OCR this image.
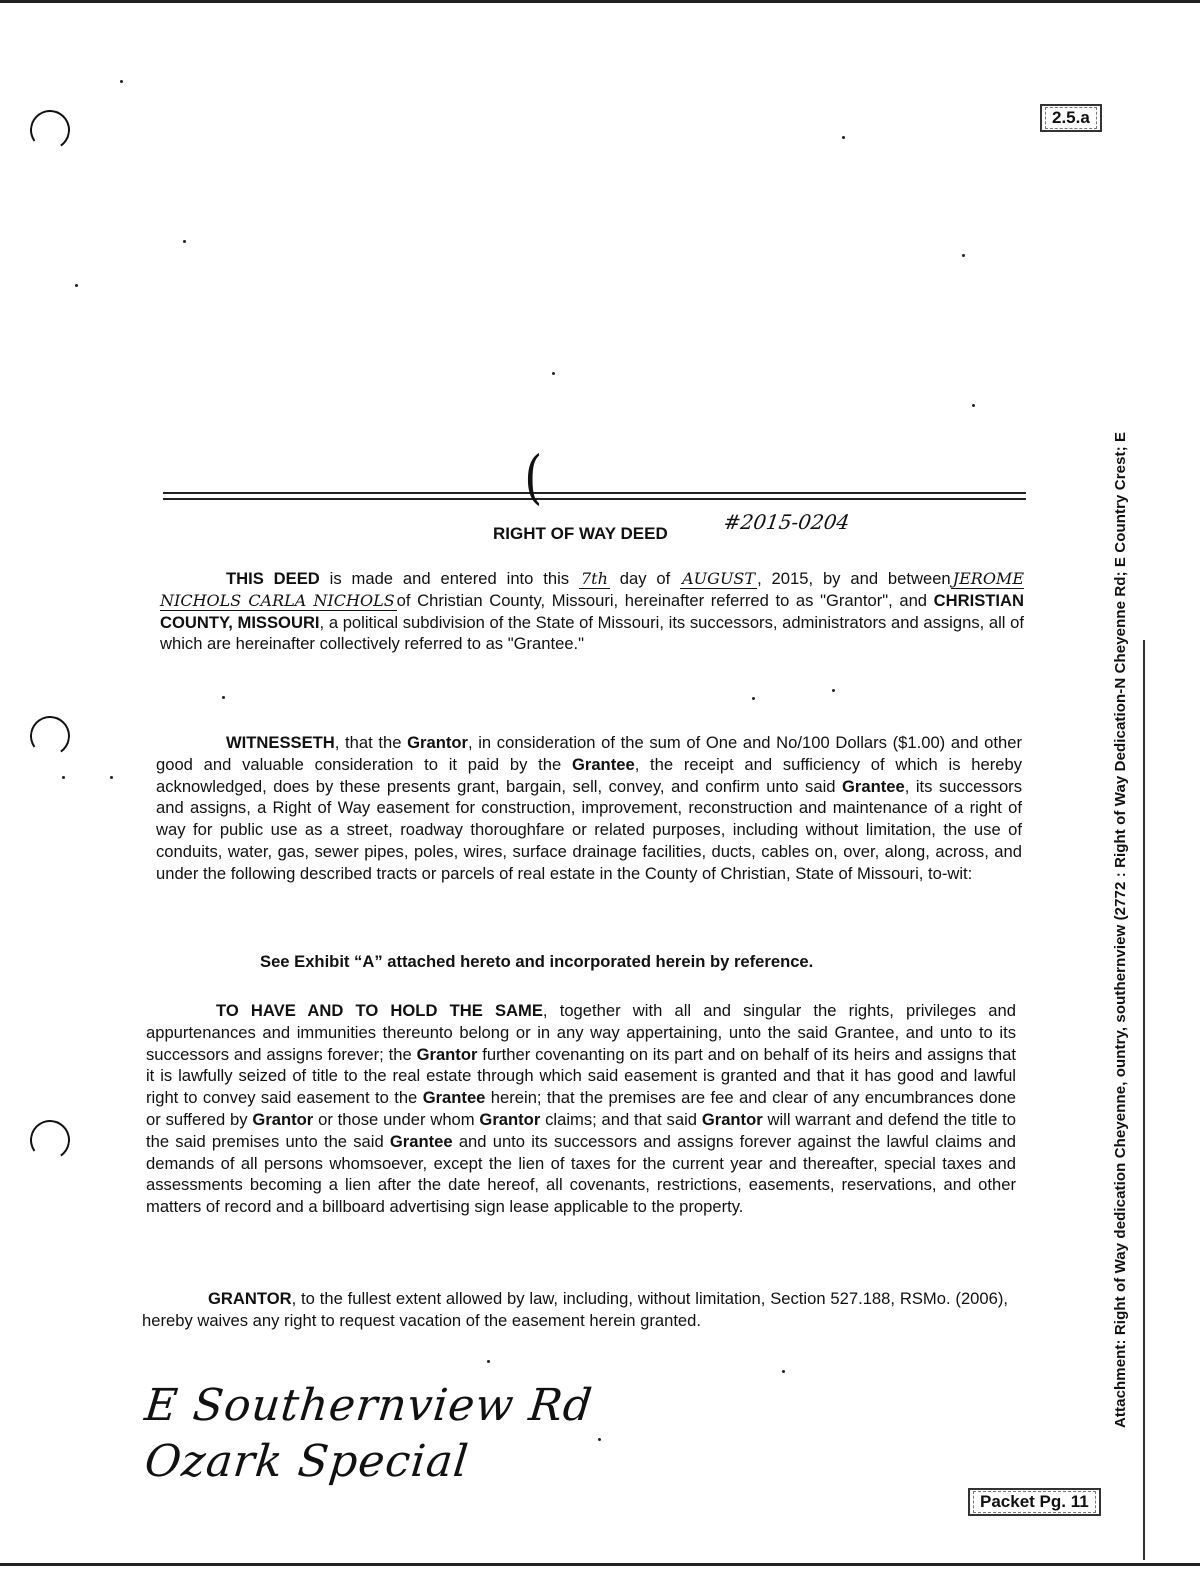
2.5.a
Packet Pg. 11
Attachment: Right of Way dedication Cheyenne, ountry, southernview (2772 : Right of Way Dedication-N Cheyenne Rd; E Country Crest; E
(
RIGHT OF WAY DEED	#2015-0204

THIS DEED is made and entered into this 7th day of AUGUST , 2015, by and between JEROME NICHOLS CARLA NICHOLS of Christian County, Missouri, hereinafter referred to as "Grantor", and CHRISTIAN COUNTY, MISSOURI, a political subdivision of the State of Missouri, its successors, administrators and assigns, all of which are hereinafter collectively referred to as "Grantee."

WITNESSETH, that the Grantor, in consideration of the sum of One and No/100 Dollars ($1.00) and other good and valuable consideration to it paid by the Grantee, the receipt and sufficiency of which is hereby acknowledged, does by these presents grant, bargain, sell, convey, and confirm unto said Grantee, its successors and assigns, a Right of Way easement for construction, improvement, reconstruction and maintenance of a right of way for public use as a street, roadway thoroughfare or related purposes, including without limitation, the use of conduits, water, gas, sewer pipes, poles, wires, surface drainage facilities, ducts, cables on, over, along, across, and under the following described tracts or parcels of real estate in the County of Christian, State of Missouri, to-wit:

See Exhibit “A” attached hereto and incorporated herein by reference.

TO HAVE AND TO HOLD THE SAME, together with all and singular the rights, privileges and appurtenances and immunities thereunto belong or in any way appertaining, unto the said Grantee, and unto to its successors and assigns forever; the Grantor further covenanting on its part and on behalf of its heirs and assigns that it is lawfully seized of title to the real estate through which said easement is granted and that it has good and lawful right to convey said easement to the Grantee herein; that the premises are fee and clear of any encumbrances done or suffered by Grantor or those under whom Grantor claims; and that said Grantor will warrant and defend the title to the said premises unto the said Grantee and unto its successors and assigns forever against the lawful claims and demands of all persons whomsoever, except the lien of taxes for the current year and thereafter, special taxes and assessments becoming a lien after the date hereof, all covenants, restrictions, easements, reservations, and other matters of record and a billboard advertising sign lease applicable to the property.

GRANTOR, to the fullest extent allowed by law, including, without limitation, Section 527.188, RSMo. (2006), hereby waives any right to request vacation of the easement herein granted.

E Southernview Rd
Ozark Special
